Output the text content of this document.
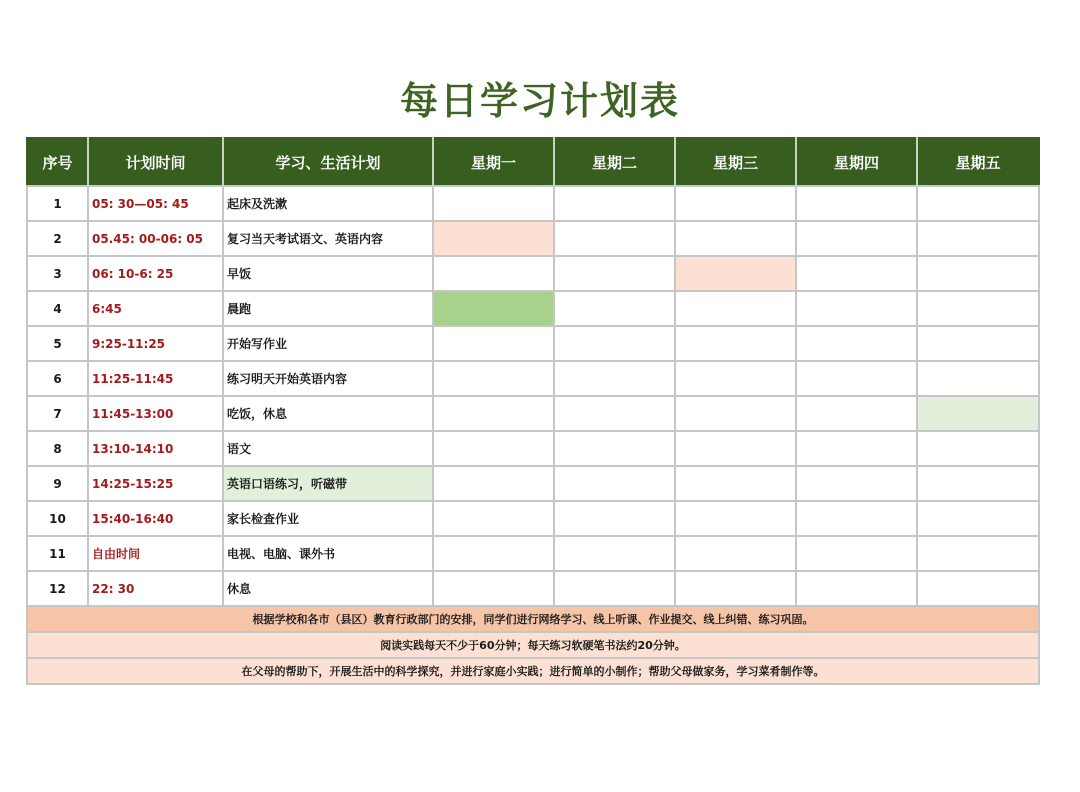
每日学习计划表
序号	计划时间	学习、生活计划	星期一	星期二	星期三	星期四	星期五
1	05: 30—05: 45	起床及洗漱					
2	05.45: 00-06: 05	复习当天考试语文、英语内容					
3	06: 10-6: 25	早饭					
4	6:45	晨跑					
5	9:25-11:25	开始写作业					
6	11:25-11:45	练习明天开始英语内容					
7	11:45-13:00	吃饭，休息					
8	13:10-14:10	语文					
9	14:25-15:25	英语口语练习，听磁带					
10	15:40-16:40	家长检查作业					
11	自由时间	电视、电脑、课外书					
12	22: 30	休息					
根据学校和各市（县区）教育行政部门的安排，同学们进行网络学习、线上听课、作业提交、线上纠错、练习巩固。							
阅读实践每天不少于60分钟；每天练习软硬笔书法约20分钟。							
在父母的帮助下，开展生活中的科学探究，并进行家庭小实践；进行简单的小制作；帮助父母做家务，学习菜肴制作等。							
